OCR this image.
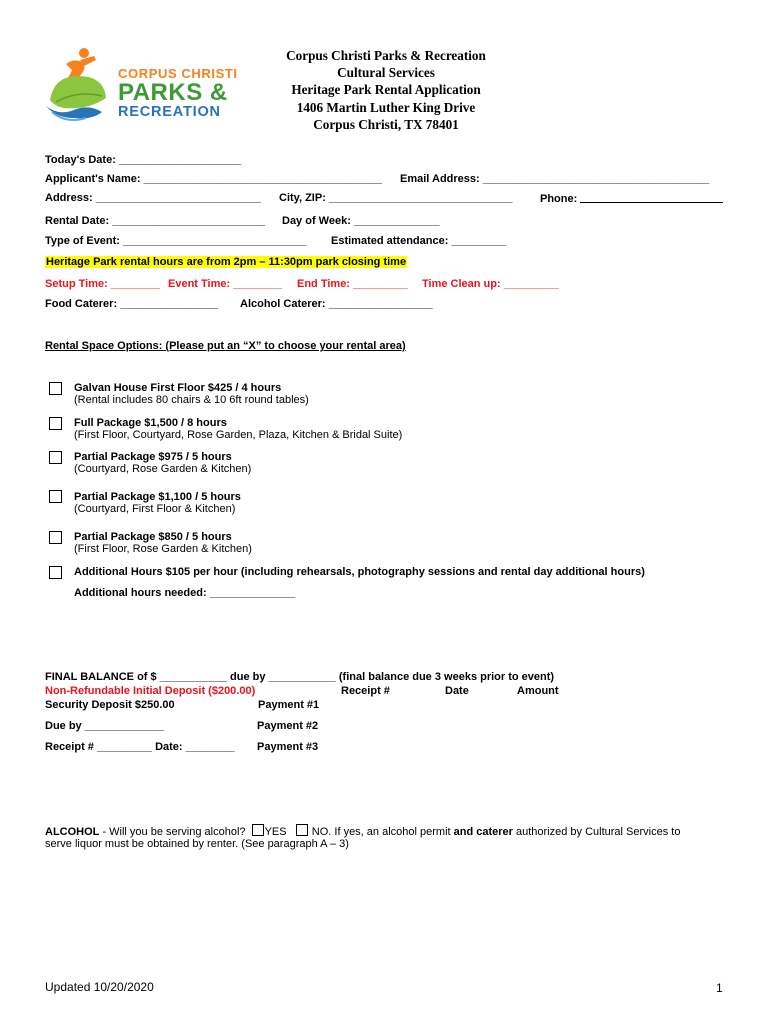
CORPUS CHRISTI
PARKS &
RECREATION
Corpus Christi Parks & Recreation
Cultural Services
Heritage Park Rental Application
1406 Martin Luther King Drive
Corpus Christi, TX 78401
Today's Date: ____________________
Applicant's Name: _______________________________________ Email Address: _____________________________________
Address: ___________________________ City, ZIP: ______________________________	Phone:
Rental Date: _________________________ Day of Week: ______________
Type of Event: ______________________________ Estimated attendance: _________
Heritage Park rental hours are from 2pm – 11:30pm park closing time
Setup Time: ________ Event Time: ________ End Time: _________ Time Clean up: _________
Food Caterer: ________________ Alcohol Caterer: _________________
Rental Space Options: (Please put an “X” to choose your rental area)
Galvan House First Floor $425 / 4 hours
(Rental includes 80 chairs & 10 6ft round tables)
Full Package $1,500 / 8 hours
(First Floor, Courtyard, Rose Garden, Plaza, Kitchen & Bridal Suite)
Partial Package $975 / 5 hours
(Courtyard, Rose Garden & Kitchen)
Partial Package $1,100 / 5 hours
(Courtyard, First Floor & Kitchen)
Partial Package $850 / 5 hours
(First Floor, Rose Garden & Kitchen)
Additional Hours $105 per hour (including rehearsals, photography sessions and rental day additional hours)
Additional hours needed: ______________
FINAL BALANCE of $ ___________ due by ___________ (final balance due 3 weeks prior to event)
Non-Refundable Initial Deposit ($200.00)	Receipt #	Date	Amount
Security Deposit $250.00	Payment #1
Due by _____________	Payment #2
Receipt # _________ Date: ________ Payment #3
ALCOHOL - Will you be serving alcohol? YES NO. If yes, an alcohol permit and caterer authorized by Cultural Services to
serve liquor must be obtained by renter. (See paragraph A – 3)
Updated 10/20/2020	1
